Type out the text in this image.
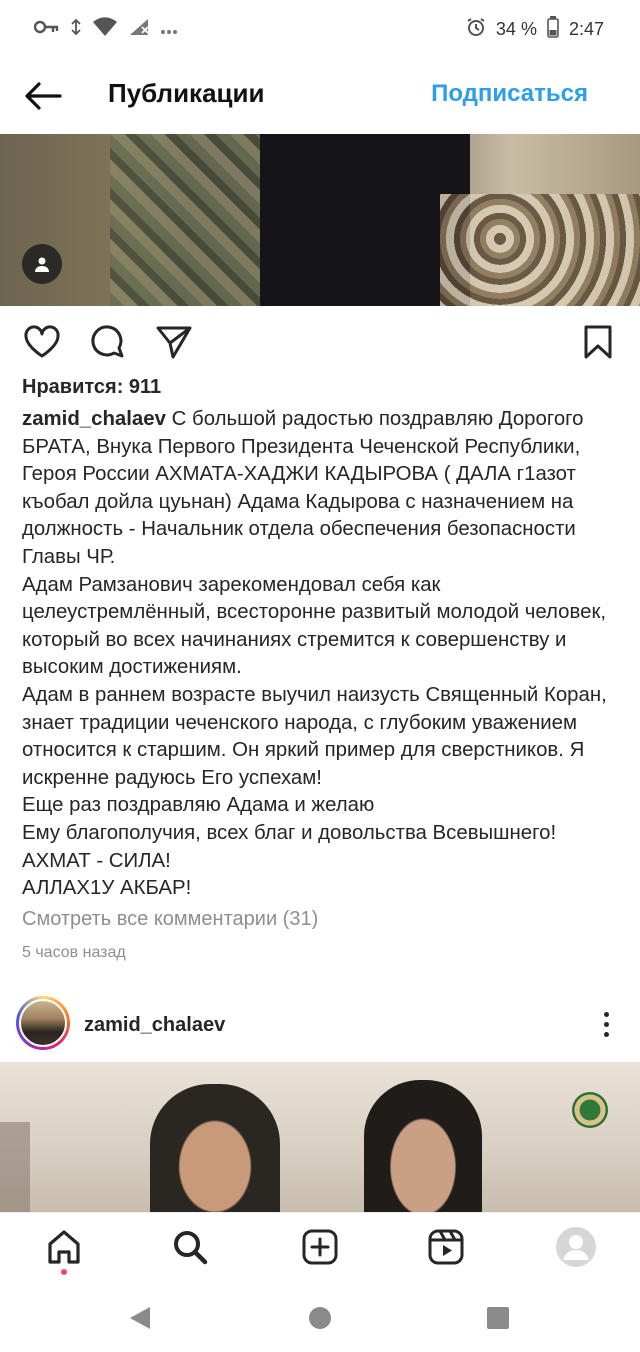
34 % 2:47
Публикации	Подписаться
Нравится: 911
zamid_chalaev С большой радостью поздравляю Дорогого
БРАТА, Внука Первого Президента Чеченской Республики,
Героя России АХМАТА-ХАДЖИ КАДЫРОВА ( ДАЛА г1азот
къобал дойла цуьнан) Адама Кадырова с назначением на
должность - Начальник отдела обеспечения безопасности
Главы ЧР.
Адам Рамзанович зарекомендовал себя как
целеустремлённый, всесторонне развитый молодой человек,
который во всех начинаниях стремится к совершенству и
высоким достижениям.
Адам в раннем возрасте выучил наизусть Священный Коран,
знает традиции чеченского народа, с глубоким уважением
относится к старшим. Он яркий пример для сверстников. Я
искренне радуюсь Его успехам!
Еще раз поздравляю Адама и желаю
Ему благополучия, всех благ и довольства Всевышнего!
АХМАТ - СИЛА!
АЛЛАХ1У АКБАР!
Смотреть все комментарии (31)
5 часов назад
zamid_chalaev
